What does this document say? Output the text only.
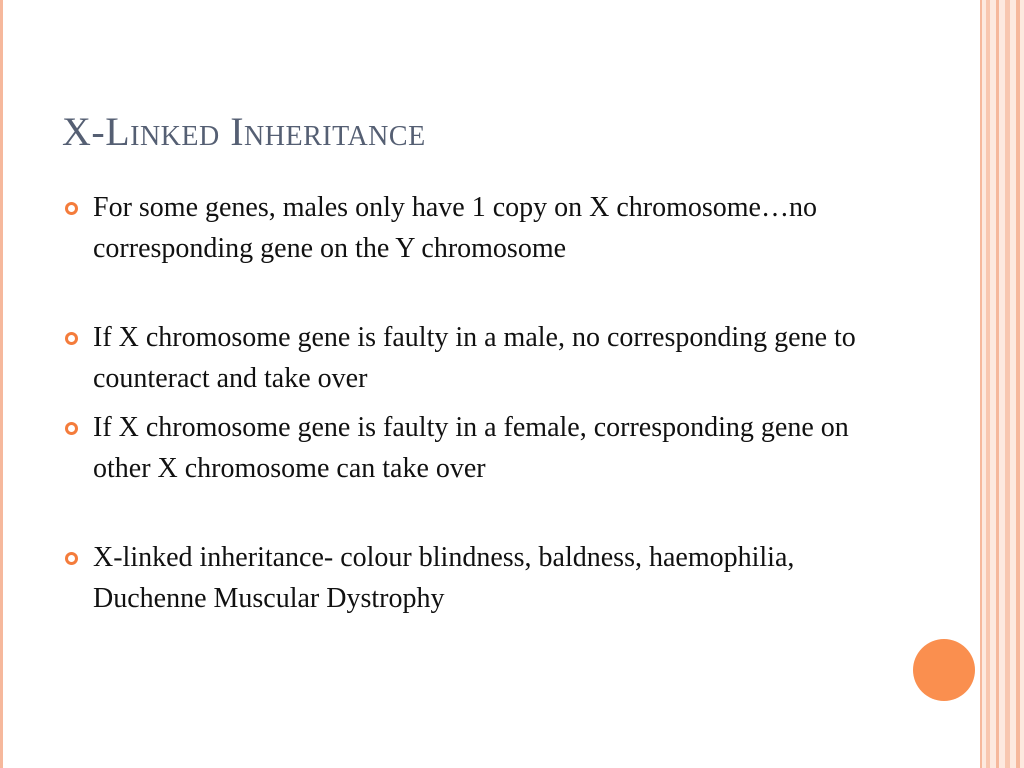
X-Linked Inheritance
For some genes, males only have 1 copy on X chromosome…no corresponding gene on the Y chromosome
If X chromosome gene is faulty in a male, no corresponding gene to counteract and take over
If X chromosome gene is faulty in a female, corresponding gene on other X chromosome can take over
X-linked inheritance- colour blindness, baldness, haemophilia, Duchenne Muscular Dystrophy
